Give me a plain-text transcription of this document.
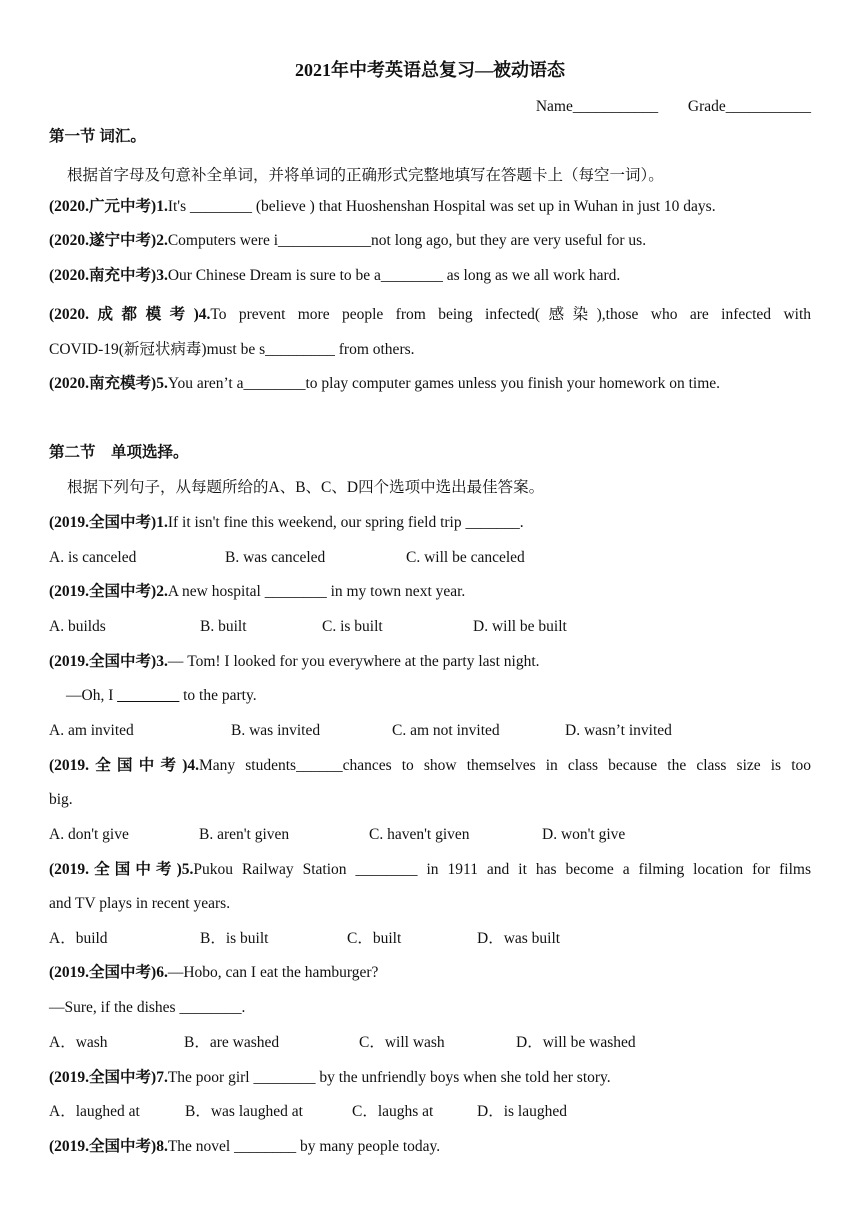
2021年中考英语总复习—被动语态
Name___________ Grade___________
第一节 词汇。
根据首字母及句意补全单词，并将单词的正确形式完整地填写在答题卡上（每空一词）。
(2020.广元中考)1.It's ________ (believe ) that Huoshenshan Hospital was set up in Wuhan in just 10 days.
(2020.遂宁中考)2.Computers were i____________not long ago, but they are very useful for us.
(2020.南充中考)3.Our Chinese Dream is sure to be a________ as long as we all work hard.
(2020.成都模考)4.To prevent more people from being infected(感染),those who are infected with
COVID-19(新冠状病毒)must be s_________ from others.
(2020.南充模考)5.You aren’t a________to play computer games unless you finish your homework on time.
第二节　单项选择。
根据下列句子，从每题所给的A、B、C、D四个选项中选出最佳答案。
(2019.全国中考)1.If it isn't fine this weekend, our spring field trip _______.
A. is canceled	B. was canceled	C. will be canceled
(2019.全国中考)2.A new hospital ________ in my town next year.
A. builds	B. built	C. is built	D. will be built
(2019.全国中考)3.— Tom! I looked for you everywhere at the party last night.
—Oh, I ________ to the party.
A. am invited	B. was invited	C. am not invited	D. wasn’t invited
(2019.全国中考)4.Many students______chances to show themselves in class because the class size is too
big.
A. don't give	B. aren't given	C. haven't given	D. won't give
(2019.全国中考)5.Pukou Railway Station ________ in 1911 and it has become a filming location for films
and TV plays in recent years.
A．build	B．is built	C．built	D．was built
(2019.全国中考)6.—Hobo, can I eat the hamburger?
—Sure, if the dishes ________.
A．wash	B．are washed	C．will wash	D．will be washed
(2019.全国中考)7.The poor girl ________ by the unfriendly boys when she told her story.
A．laughed at	B．was laughed at	C．laughs at	D．is laughed
(2019.全国中考)8.The novel ________ by many people today.
